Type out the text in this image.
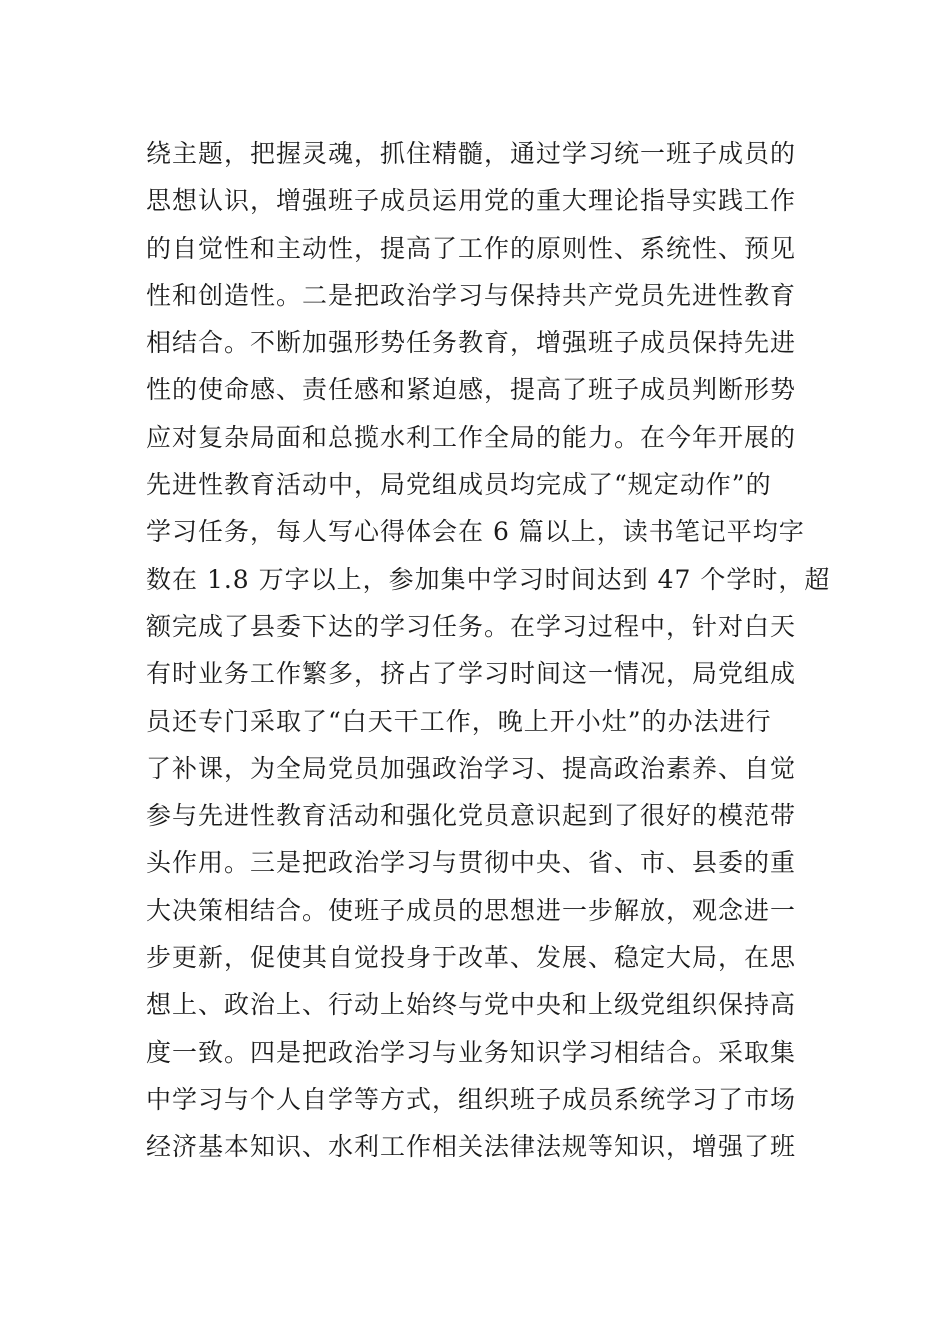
绕主题，把握灵魂，抓住精髓，通过学习统一班子成员的
思想认识，增强班子成员运用党的重大理论指导实践工作
的自觉性和主动性，提高了工作的原则性、系统性、预见
性和创造性。二是把政治学习与保持共产党员先进性教育
相结合。不断加强形势任务教育，增强班子成员保持先进
性的使命感、责任感和紧迫感，提高了班子成员判断形势
应对复杂局面和总揽水利工作全局的能力。在今年开展的
先进性教育活动中，局党组成员均完成了“规定动作”的
学习任务，每人写心得体会在 6 篇以上，读书笔记平均字
数在 1.8 万字以上，参加集中学习时间达到 47 个学时，超
额完成了县委下达的学习任务。在学习过程中，针对白天
有时业务工作繁多，挤占了学习时间这一情况，局党组成
员还专门采取了“白天干工作，晚上开小灶”的办法进行
了补课，为全局党员加强政治学习、提高政治素养、自觉
参与先进性教育活动和强化党员意识起到了很好的模范带
头作用。三是把政治学习与贯彻中央、省、市、县委的重
大决策相结合。使班子成员的思想进一步解放，观念进一
步更新，促使其自觉投身于改革、发展、稳定大局，在思
想上、政治上、行动上始终与党中央和上级党组织保持高
度一致。四是把政治学习与业务知识学习相结合。采取集
中学习与个人自学等方式，组织班子成员系统学习了市场
经济基本知识、水利工作相关法律法规等知识，增强了班
